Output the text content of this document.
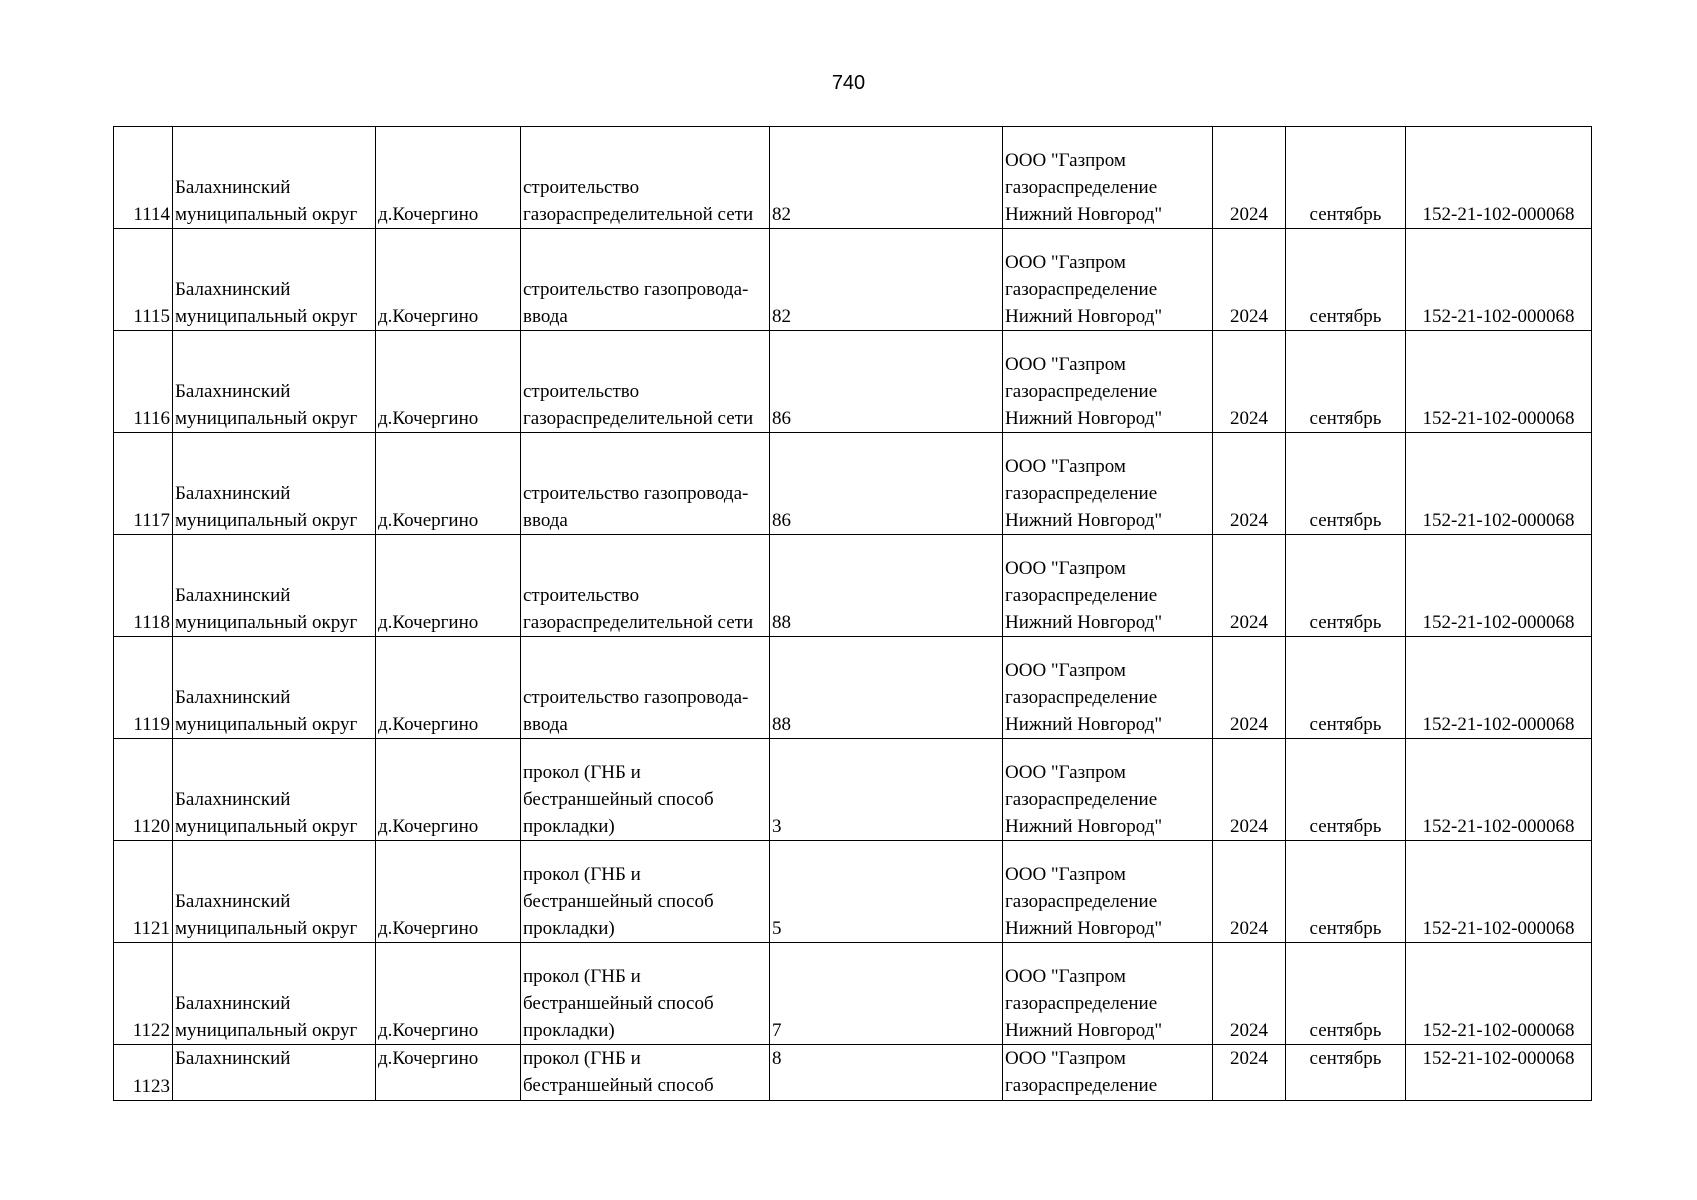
740
1114	Балахнинский муниципальный округ	д.Кочергино	строительство газораспределительной сети	82	ООО "Газпром газораспределение Нижний Новгород"	2024	сентябрь	152-21-102-000068

1115	Балахнинский муниципальный округ	д.Кочергино	строительство газопровода-ввода	82	ООО "Газпром газораспределение Нижний Новгород"	2024	сентябрь	152-21-102-000068

1116	Балахнинский муниципальный округ	д.Кочергино	строительство газораспределительной сети	86	ООО "Газпром газораспределение Нижний Новгород"	2024	сентябрь	152-21-102-000068

1117	Балахнинский муниципальный округ	д.Кочергино	строительство газопровода-ввода	86	ООО "Газпром газораспределение Нижний Новгород"	2024	сентябрь	152-21-102-000068

1118	Балахнинский муниципальный округ	д.Кочергино	строительство газораспределительной сети	88	ООО "Газпром газораспределение Нижний Новгород"	2024	сентябрь	152-21-102-000068

1119	Балахнинский муниципальный округ	д.Кочергино	строительство газопровода-ввода	88	ООО "Газпром газораспределение Нижний Новгород"	2024	сентябрь	152-21-102-000068

1120	Балахнинский муниципальный округ	д.Кочергино	прокол (ГНБ и бестраншейный способ прокладки)	3	ООО "Газпром газораспределение Нижний Новгород"	2024	сентябрь	152-21-102-000068

1121	Балахнинский муниципальный округ	д.Кочергино	прокол (ГНБ и бестраншейный способ прокладки)	5	ООО "Газпром газораспределение Нижний Новгород"	2024	сентябрь	152-21-102-000068

1122	Балахнинский муниципальный округ	д.Кочергино	прокол (ГНБ и бестраншейный способ прокладки)	7	ООО "Газпром газораспределение Нижний Новгород"	2024	сентябрь	152-21-102-000068

1123	Балахнинский	д.Кочергино	прокол (ГНБ и бестраншейный способ	8	ООО "Газпром газораспределение	2024	сентябрь	152-21-102-000068
